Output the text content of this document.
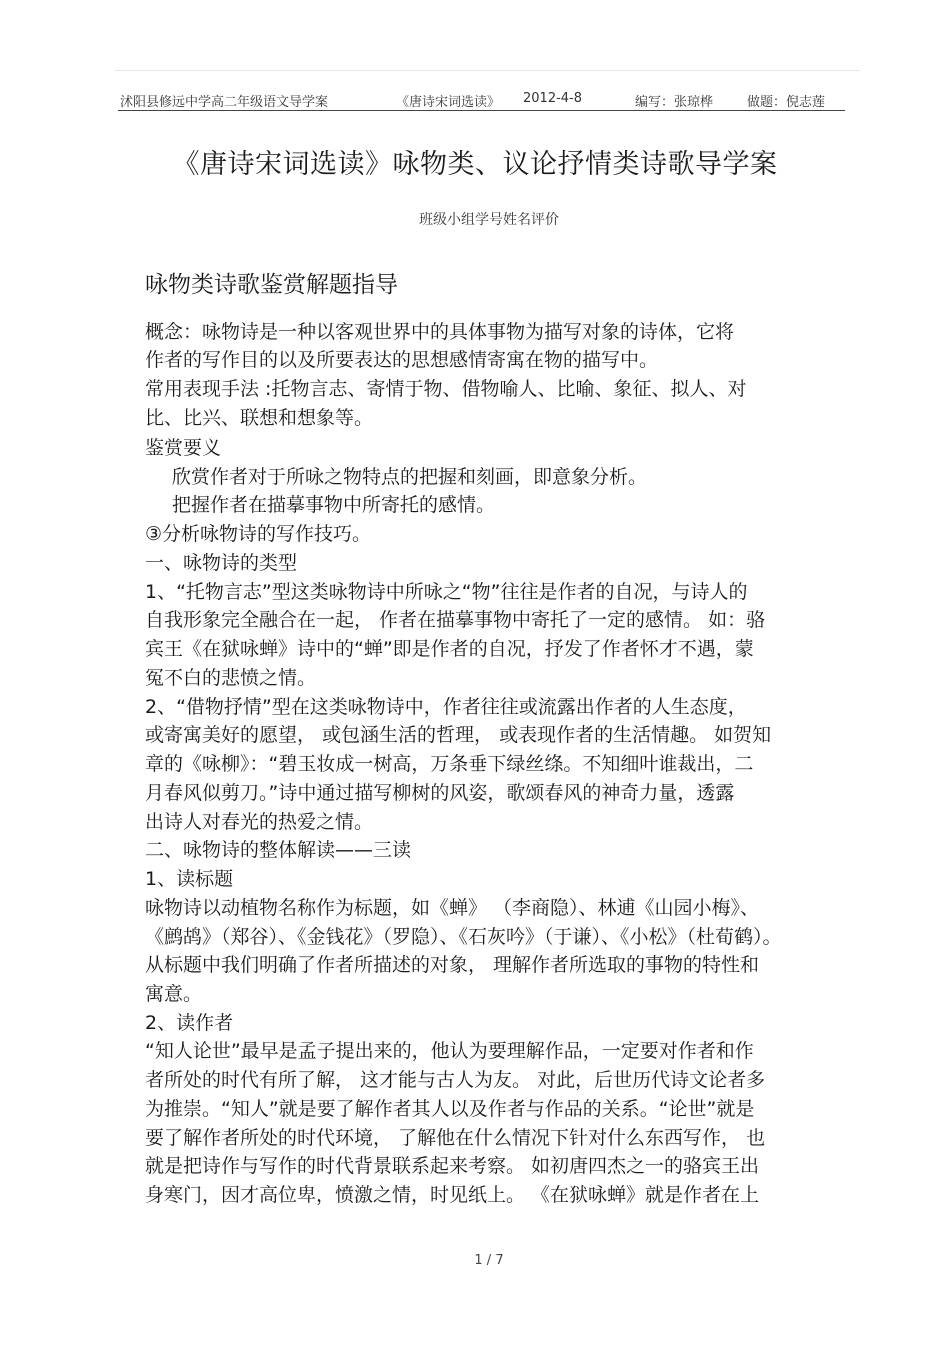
沭阳县修远中学高二年级语文导学案	《唐诗宋词选读》 2012-4-8	编写：张琼桦	做题：倪志莲
《唐诗宋词选读》咏物类、议论抒情类诗歌导学案
班级小组学号姓名评价
咏物类诗歌鉴赏解题指导
概念：咏物诗是一种以客观世界中的具体事物为描写对象的诗体，它将
作者的写作目的以及所要表达的思想感情寄寓在物的描写中。
常用表现手法 :托物言志、寄情于物、借物喻人、比喻、象征、拟人、对
比、比兴、联想和想象等。
鉴赏要义
欣赏作者对于所咏之物特点的把握和刻画，即意象分析。
把握作者在描摹事物中所寄托的感情。
③分析咏物诗的写作技巧。
一、咏物诗的类型
1、“托物言志”型这类咏物诗中所咏之“物”往往是作者的自况，与诗人的
自我形象完全融合在一起， 作者在描摹事物中寄托了一定的感情。 如：骆
宾王《在狱咏蝉》诗中的“蝉”即是作者的自况，抒发了作者怀才不遇，蒙
冤不白的悲愤之情。
2、“借物抒情”型在这类咏物诗中，作者往往或流露出作者的人生态度，
或寄寓美好的愿望， 或包涵生活的哲理， 或表现作者的生活情趣。 如贺知
章的《咏柳》：“碧玉妆成一树高，万条垂下绿丝绦。不知细叶谁裁出，二
月春风似剪刀。”诗中通过描写柳树的风姿，歌颂春风的神奇力量，透露
出诗人对春光的热爱之情。
二、咏物诗的整体解读——三读
1、读标题
咏物诗以动植物名称作为标题，如《蝉》 （李商隐）、林逋《山园小梅》、
《鹧鸪》（郑谷）、《金钱花》（罗隐）、《石灰吟》（于谦）、《小松》（杜荀鹤）。
从标题中我们明确了作者所描述的对象， 理解作者所选取的事物的特性和
寓意。
2、读作者
“知人论世”最早是孟子提出来的，他认为要理解作品，一定要对作者和作
者所处的时代有所了解， 这才能与古人为友。 对此，后世历代诗文论者多
为推崇。“知人”就是要了解作者其人以及作者与作品的关系。“论世”就是
要了解作者所处的时代环境， 了解他在什么情况下针对什么东西写作， 也
就是把诗作与写作的时代背景联系起来考察。 如初唐四杰之一的骆宾王出
身寒门，因才高位卑，愤激之情，时见纸上。 《在狱咏蝉》就是作者在上
1 / 7
